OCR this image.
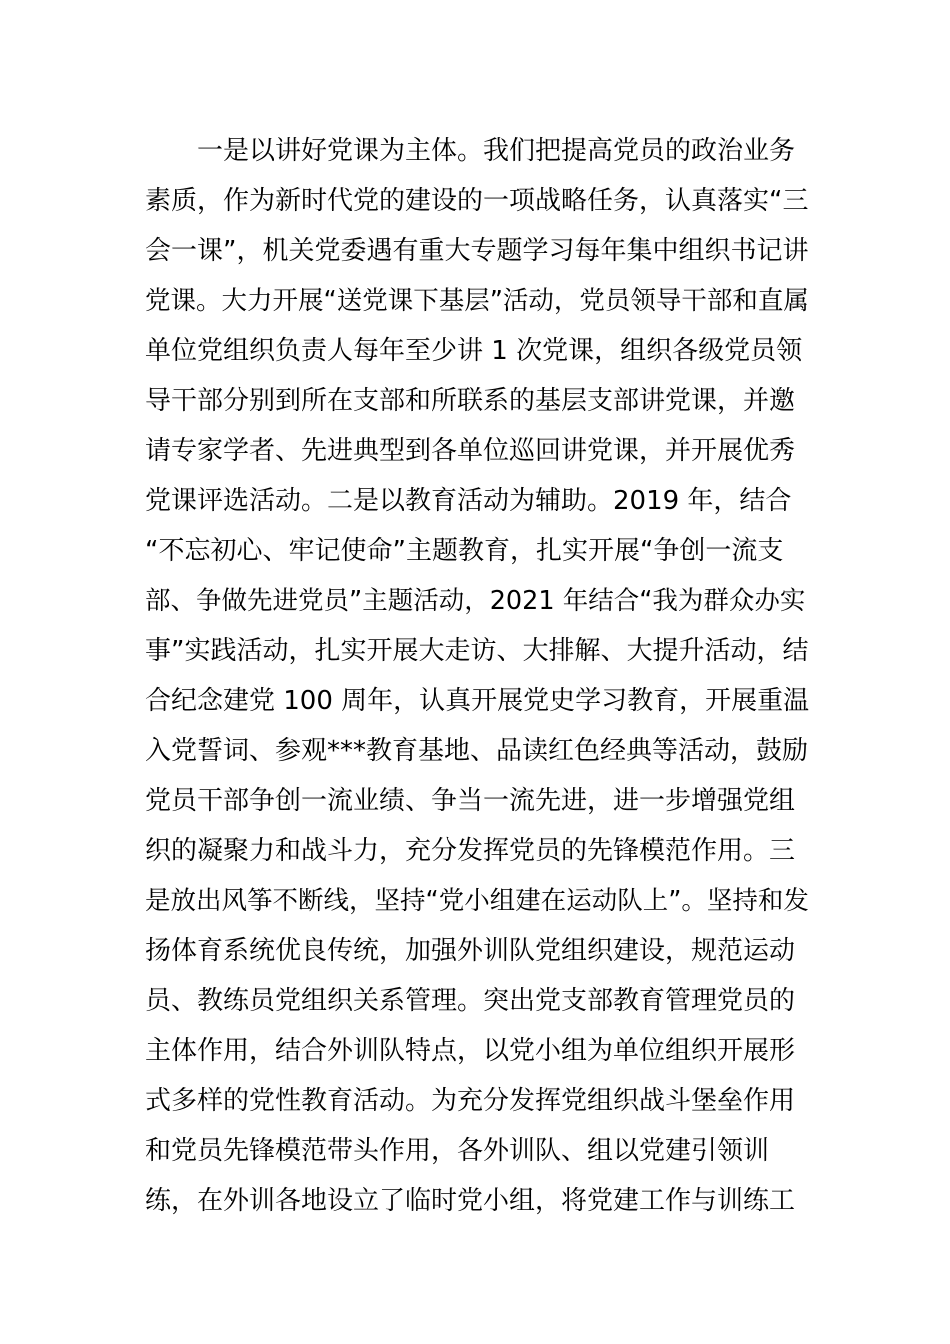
　　一是以讲好党课为主体。我们把提高党员的政治业务
素质，作为新时代党的建设的一项战略任务，认真落实“三
会一课”，机关党委遇有重大专题学习每年集中组织书记讲
党课。大力开展“送党课下基层”活动，党员领导干部和直属
单位党组织负责人每年至少讲 1 次党课，组织各级党员领
导干部分别到所在支部和所联系的基层支部讲党课，并邀
请专家学者、先进典型到各单位巡回讲党课，并开展优秀
党课评选活动。二是以教育活动为辅助。2019 年，结合
“不忘初心、牢记使命”主题教育，扎实开展“争创一流支
部、争做先进党员”主题活动，2021 年结合“我为群众办实
事”实践活动，扎实开展大走访、大排解、大提升活动，结
合纪念建党 100 周年，认真开展党史学习教育，开展重温
入党誓词、参观***教育基地、品读红色经典等活动，鼓励
党员干部争创一流业绩、争当一流先进，进一步增强党组
织的凝聚力和战斗力，充分发挥党员的先锋模范作用。三
是放出风筝不断线，坚持“党小组建在运动队上”。坚持和发
扬体育系统优良传统，加强外训队党组织建设，规范运动
员、教练员党组织关系管理。突出党支部教育管理党员的
主体作用，结合外训队特点，以党小组为单位组织开展形
式多样的党性教育活动。为充分发挥党组织战斗堡垒作用
和党员先锋模范带头作用，各外训队、组以党建引领训
练，在外训各地设立了临时党小组，将党建工作与训练工
